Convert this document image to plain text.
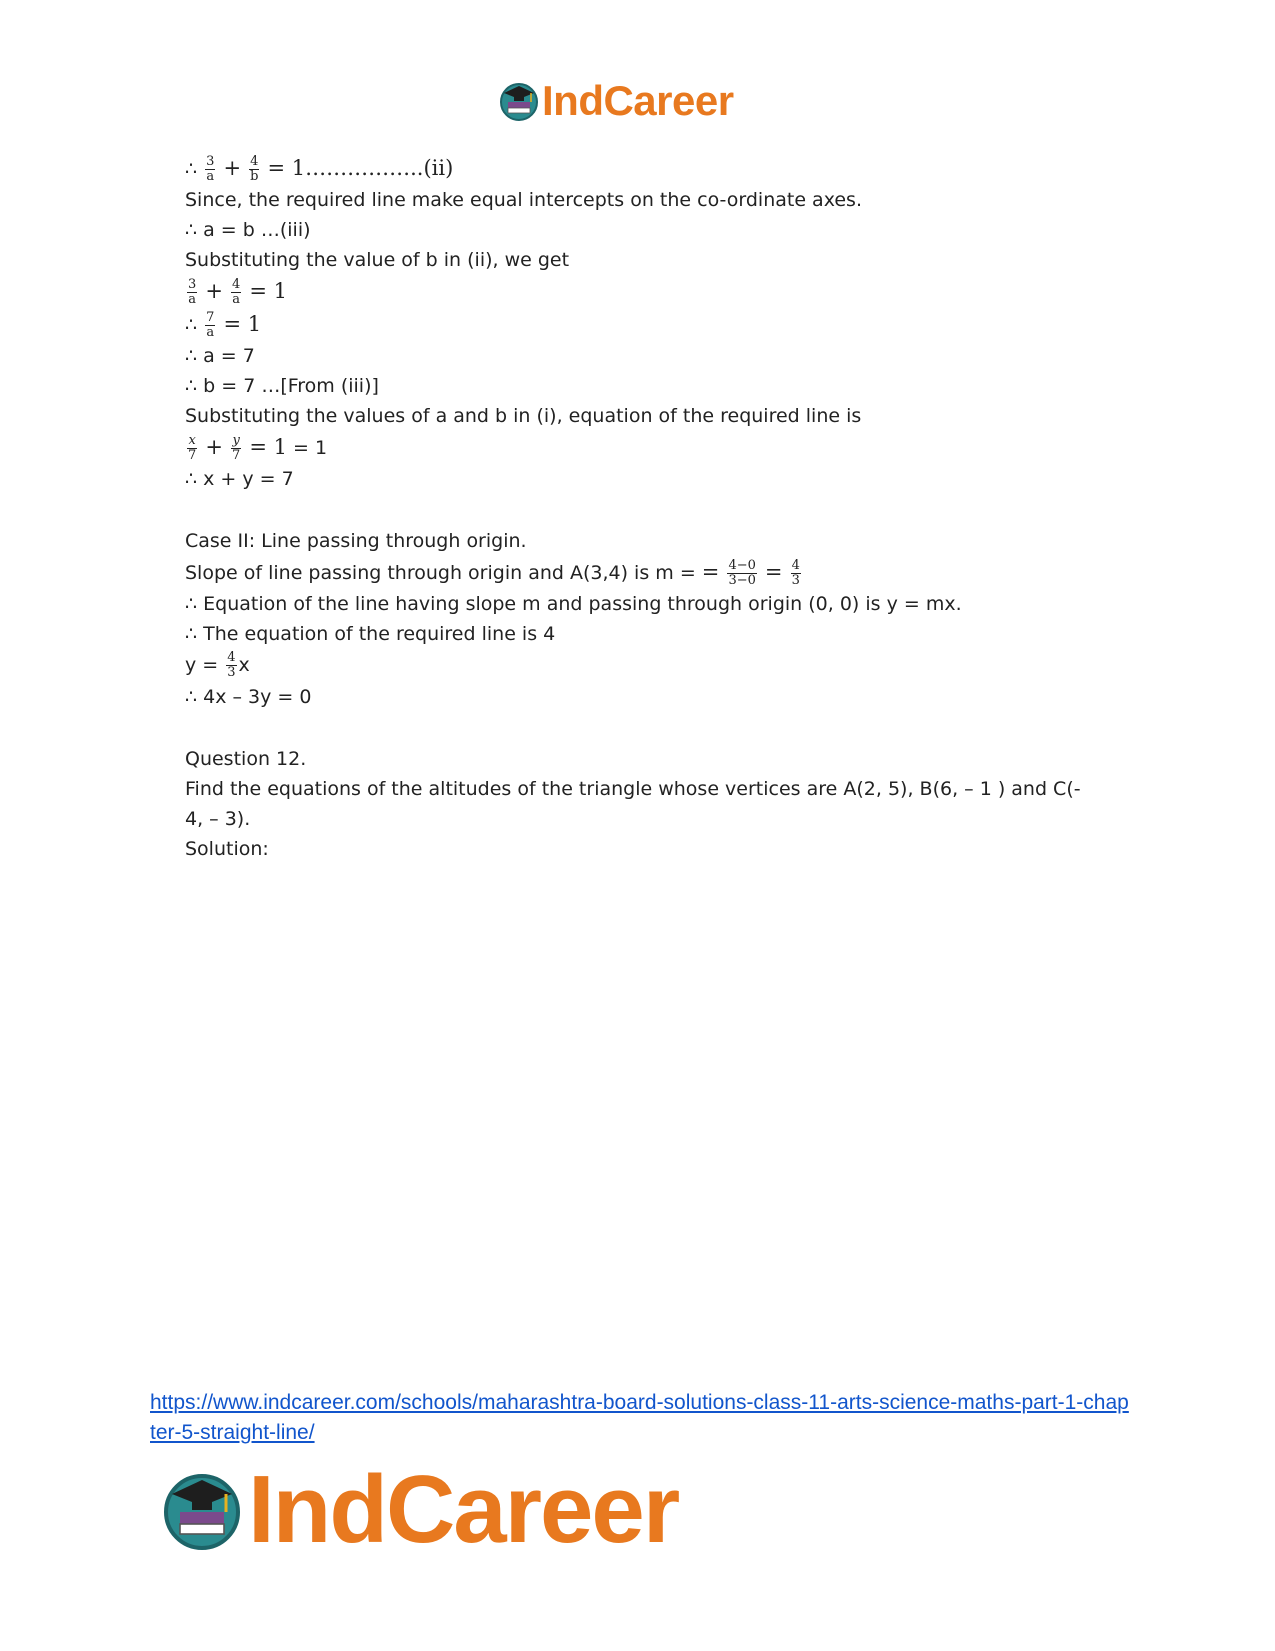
IndCareer
∴ $\frac{3}{a} + \frac{4}{b}$ = 1……………..(ii)
Since, the required line make equal intercepts on the co-ordinate axes.
∴ a = b …(iii)
Substituting the value of b in (ii), we get
$\frac{3}{a} + \frac{4}{a} = 1$
∴ $\frac{7}{a} = 1$
∴ a = 7
∴ b = 7 …[From (iii)]
Substituting the values of a and b in (i), equation of the required line is
$\frac{x}{7} + \frac{y}{7} = 1 = 1$
∴ x + y = 7
Case II: Line passing through origin.
Slope of line passing through origin and A(3,4) is m = = $\frac{4-0}{3-0} = \frac{4}{3}$
∴ Equation of the line having slope m and passing through origin (0, 0) is y = mx.
∴ The equation of the required line is 4
$y = \frac{4}{3}$ x
∴ 4x – 3y = 0
Question 12.
Find the equations of the altitudes of the triangle whose vertices are A(2, 5), B(6, – 1 ) and C(- 4, – 3).
Solution:
https://www.indcareer.com/schools/maharashtra-board-solutions-class-11-arts-science-maths-part-1-chapter-5-straight-line/
IndCareer
